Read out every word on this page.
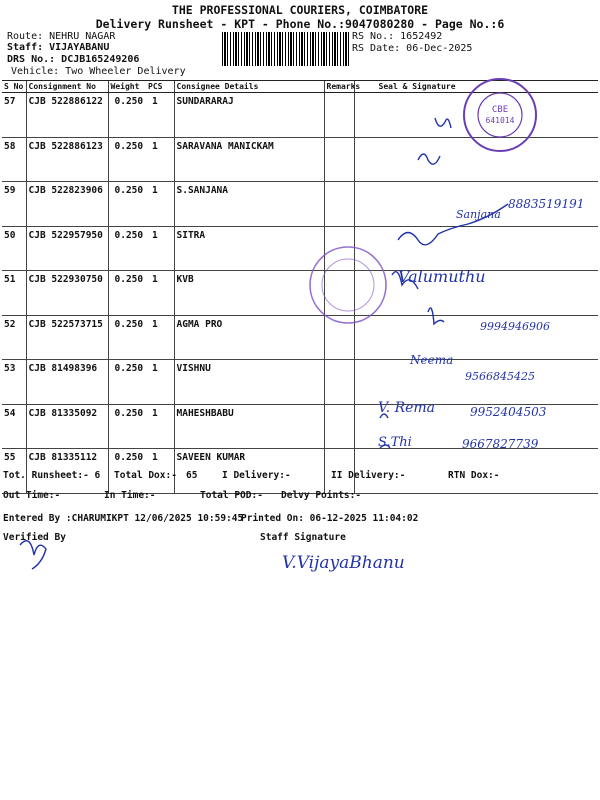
THE PROFESSIONAL COURIERS, COIMBATORE
Delivery Runsheet - KPT - Phone No.:9047080280 - Page No.:6
Route: NEHRU NAGAR
Staff: VIJAYABANU
DRS No.: DCJB165249206
Vehicle: Two Wheeler Delivery
RS No.: 1652492
RS Date: 06-Dec-2025
S No	Consignment No	Weight	PCS	Consignee Details	Remarks	Seal & Signature
57	CJB 522886122	0.250	1	SUNDARARAJ		
58	CJB 522886123	0.250	1	SARAVANA MANICKAM		
59	CJB 522823906	0.250	1	S.SANJANA		
50	CJB 522957950	0.250	1	SITRA		
51	CJB 522930750	0.250	1	KVB		
52	CJB 522573715	0.250	1	AGMA PRO		
53	CJB 81498396	0.250	1	VISHNU		
54	CJB 81335092	0.250	1	MAHESHBABU		
55	CJB 81335112	0.250	1	SAVEEN KUMAR		
CBE
641014
8883519191
Sanjana
Valumuthu
9994946906
Neema
9566845425
V. Rema	9952404503
S.Thi	9667827739
V.VijayaBhanu
Tot. Runsheet:- 6 Total Dox:- 65	I Delivery:-	II Delivery:-	RTN Dox:-
Out Time:-	In Time:-	Total POD:- Delvy Points:-
Entered By :CHARUMIKPT 12/06/2025 10:59:45
Printed On: 06-12-2025 11:04:02
Verified By	Staff Signature
